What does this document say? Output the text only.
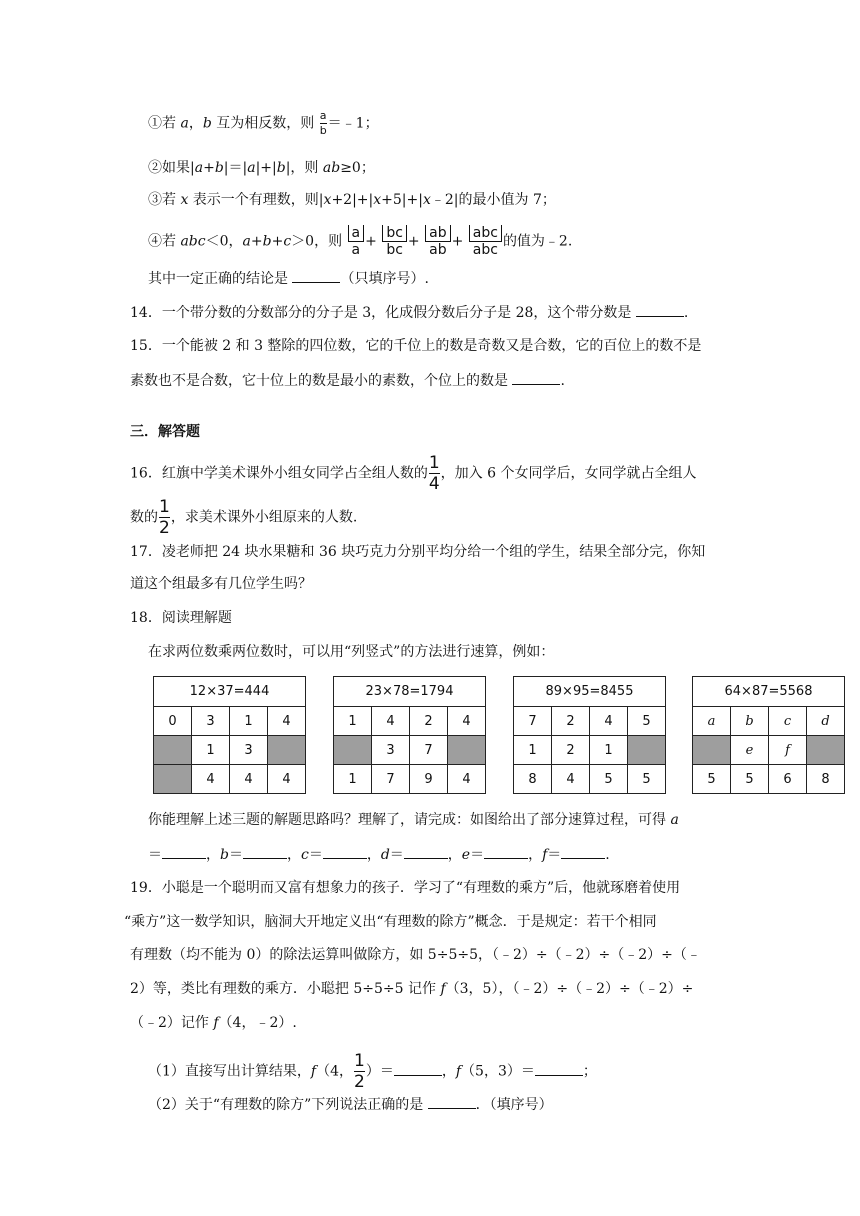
①若 a，b 互为相反数，则 $\frac{a}{b}$ ＝﹣1；
②如果|a+b|＝|a|+|b|，则 ab≥0；
③若 x 表示一个有理数，则|x+2|+|x+5|+|x﹣2|的最小值为 7；
④若 abc＜0，a+b+c＞0，则 $\frac{a}{a} + \frac{bc}{bc} + \frac{ab}{ab} + \frac{\text{abc}}{\text{abc}}$ 的值为﹣2.
其中一定正确的结论是	（只填序号）.
14．一个带分数的分数部分的分子是 3，化成假分数后分子是 28，这个带分数是	.
15．一个能被 2 和 3 整除的四位数，它的千位上的数是奇数又是合数，它的百位上的数不是
素数也不是合数，它十位上的数是最小的素数，个位上的数是	.
三．解答题
16．红旗中学美术课外小组女同学占全组人数的 $\frac{1}{4}$ ，加入 6 个女同学后，女同学就占全组人
数的 $\frac{1}{2}$ ，求美术课外小组原来的人数.
17．凌老师把 24 块水果糖和 36 块巧克力分别平均分给一个组的学生，结果全部分完，你知
道这个组最多有几位学生吗？
18．阅读理解题
在求两位数乘两位数时，可以用“列竖式”的方法进行速算，例如：
12×37=444			
0	3	1	4
	1	3	
	4	4	4
23×78=1794			
1	4	2	4
	3	7	
1	7	9	4
89×95=8455			
7	2	4	5
1	2	1	
8	4	5	5
64×87=5568			
a	b	c	d
	e	f	
5	5	6	8
你能理解上述三题的解题思路吗？理解了，请完成：如图给出了部分速算过程，可得 a
＝	，b＝	，c＝	，d＝	，e＝	，f＝	.
19．小聪是一个聪明而又富有想象力的孩子．学习了“有理数的乘方”后，他就琢磨着使用
“乘方”这一数学知识，脑洞大开地定义出“有理数的除方”概念．于是规定：若干个相同
有理数（均不能为 0）的除法运算叫做除方，如 5÷5÷5，（﹣2）÷（﹣2）÷（﹣2）÷（﹣
2）等，类比有理数的乘方．小聪把 5÷5÷5 记作 f（3，5），（﹣2）÷（﹣2）÷（﹣2）÷
（﹣2）记作 f（4，﹣2）.
（1）直接写出计算结果，f（4， $\frac{1}{2}$ ）＝	，f（5，3）＝	；
（2）关于“有理数的除方”下列说法正确的是	．（填序号）
